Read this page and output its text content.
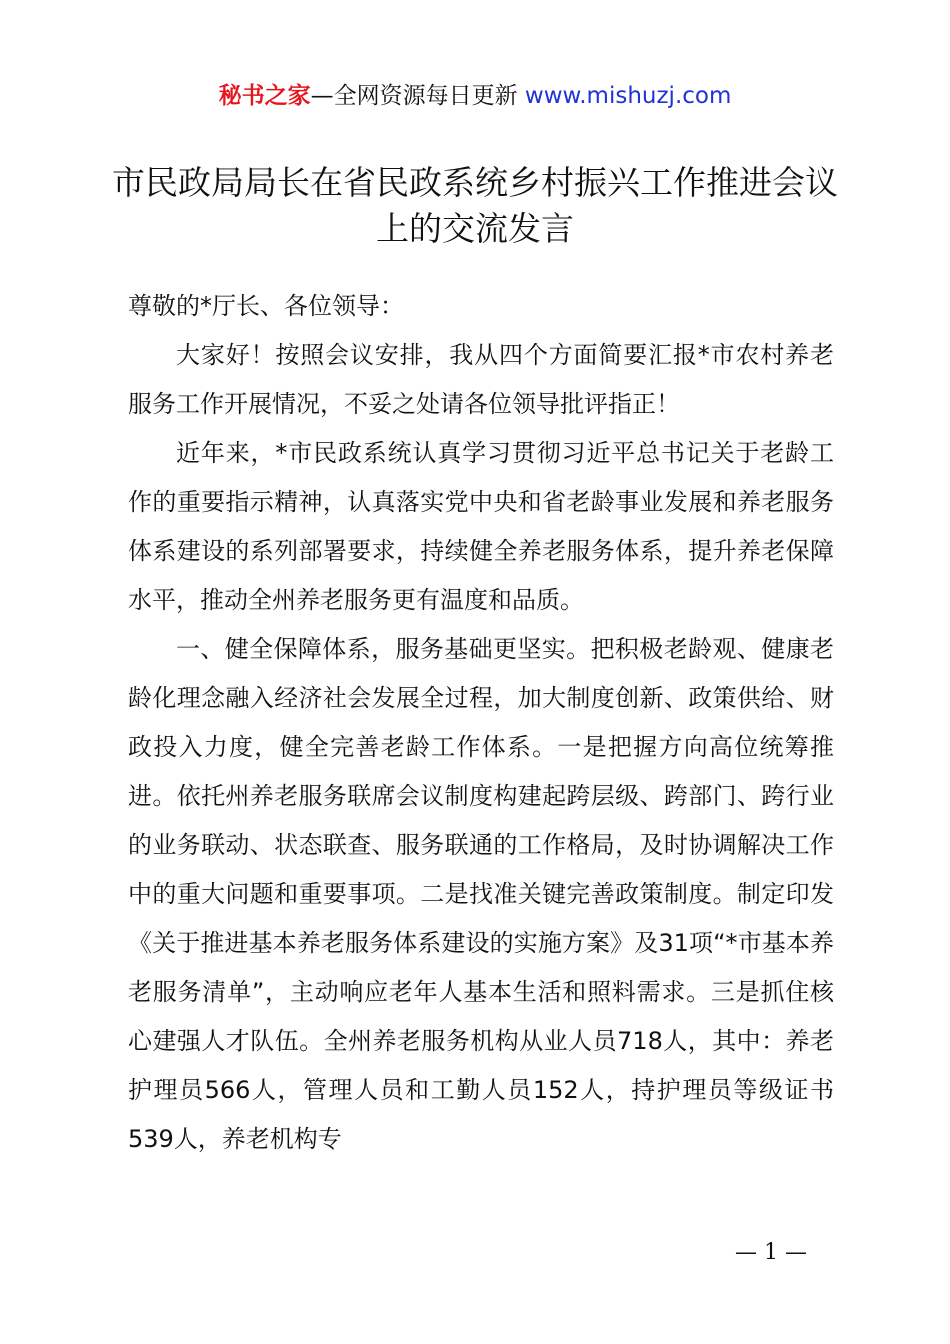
秘书之家—全网资源每日更新 www.mishuzj.com
市民政局局长在省民政系统乡村振兴工作推进会议上的交流发言

尊敬的*厅长、各位领导：

大家好！按照会议安排，我从四个方面简要汇报*市农村养老服务工作开展情况，不妥之处请各位领导批评指正！

近年来，*市民政系统认真学习贯彻习近平总书记关于老龄工作的重要指示精神，认真落实党中央和省老龄事业发展和养老服务体系建设的系列部署要求，持续健全养老服务体系，提升养老保障水平，推动全州养老服务更有温度和品质。

一、健全保障体系，服务基础更坚实。把积极老龄观、健康老龄化理念融入经济社会发展全过程，加大制度创新、政策供给、财政投入力度，健全完善老龄工作体系。一是把握方向高位统筹推进。依托州养老服务联席会议制度构建起跨层级、跨部门、跨行业的业务联动、状态联查、服务联通的工作格局，及时协调解决工作中的重大问题和重要事项。二是找准关键完善政策制度。制定印发《关于推进基本养老服务体系建设的实施方案》及31项“*市基本养老服务清单”，主动响应老年人基本生活和照料需求。三是抓住核心建强人才队伍。全州养老服务机构从业人员718人，其中：养老护理员566人，管理人员和工勤人员152人，持护理员等级证书539人，养老机构专

— 1 —
